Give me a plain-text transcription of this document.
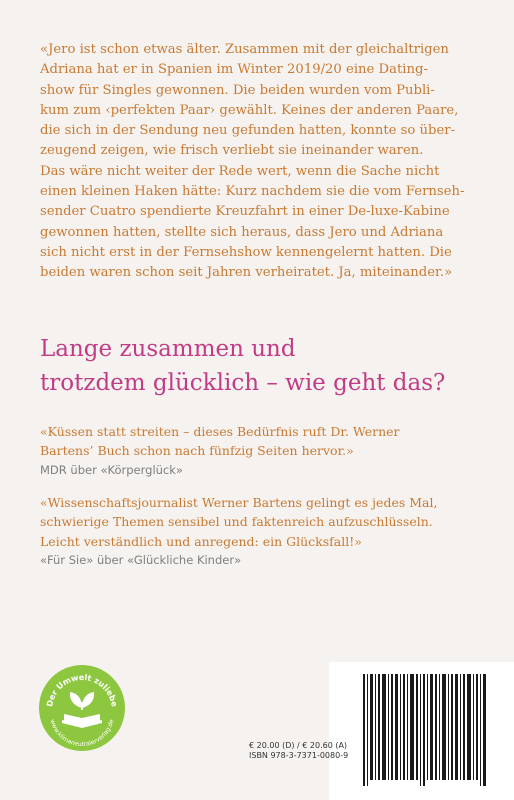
«Jero ist schon etwas älter. Zusammen mit der gleichaltrigen
Adriana hat er in Spanien im Winter 2019/20 eine Dating-
show für Singles gewonnen. Die beiden wurden vom Publi-
kum zum ‹perfekten Paar› gewählt. Keines der anderen Paare,
die sich in der Sendung neu gefunden hatten, konnte so über-
zeugend zeigen, wie frisch verliebt sie ineinander waren.
Das wäre nicht weiter der Rede wert, wenn die Sache nicht
einen kleinen Haken hätte: Kurz nachdem sie die vom Fernseh-
sender Cuatro spendierte Kreuzfahrt in einer De-luxe-Kabine
gewonnen hatten, stellte sich heraus, dass Jero und Adriana
sich nicht erst in der Fernsehshow kennengelernt hatten. Die
beiden waren schon seit Jahren verheiratet. Ja, miteinander.»
Lange zusammen und
trotzdem glücklich – wie geht das?
«Küssen statt streiten – dieses Bedürfnis ruft Dr. Werner
Bartens’ Buch schon nach fünfzig Seiten hervor.»
MDR über «Körperglück»
«Wissenschaftsjournalist Werner Bartens gelingt es jedes Mal,
schwierige Themen sensibel und faktenreich aufzuschlüsseln.
Leicht verständlich und anregend: ein Glücksfall!»
«Für Sie» über «Glückliche Kinder»
Der Umwelt zuliebe
www.klimaneutralerverlag.de
€ 20.00 (D) / € 20.60 (A)
ISBN 978-3-7371-0080-9
